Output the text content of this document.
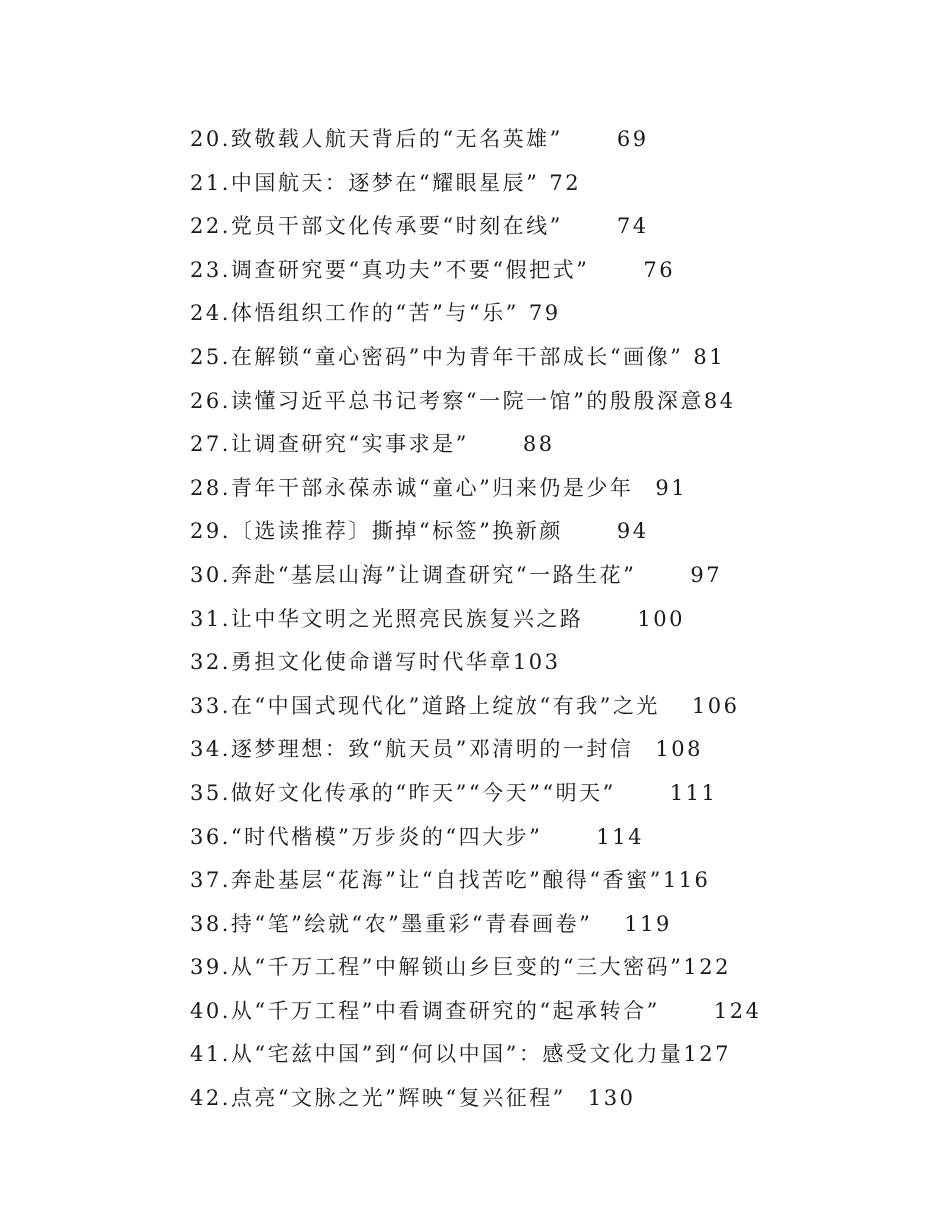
20.致敬载人航天背后的“无名英雄”	69
21.中国航天：逐梦在“耀眼星辰” 72
22.党员干部文化传承要“时刻在线”	74
23.调查研究要“真功夫”不要“假把式”	76
24.体悟组织工作的“苦”与“乐” 79
25.在解锁“童心密码”中为青年干部成长“画像” 81
26.读懂习近平总书记考察“一院一馆”的殷殷深意84
27.让调查研究“实事求是”	88
28.青年干部永葆赤诚“童心”归来仍是少年 91
29.〔选读推荐〕撕掉“标签”换新颜	94
30.奔赴“基层山海”让调查研究“一路生花”	97
31.让中华文明之光照亮民族复兴之路	100
32.勇担文化使命谱写时代华章103
33.在“中国式现代化”道路上绽放“有我”之光 106
34.逐梦理想：致“航天员”邓清明的一封信 108
35.做好文化传承的“昨天”“今天”“明天”	111
36.“时代楷模”万步炎的“四大步”	114
37.奔赴基层“花海”让“自找苦吃”酿得“香蜜”116
38.持“笔”绘就“农”墨重彩“青春画卷” 119
39.从“千万工程”中解锁山乡巨变的“三大密码”122
40.从“千万工程”中看调查研究的“起承转合”	124
41.从“宅兹中国”到“何以中国”：感受文化力量127
42.点亮“文脉之光”辉映“复兴征程” 130
